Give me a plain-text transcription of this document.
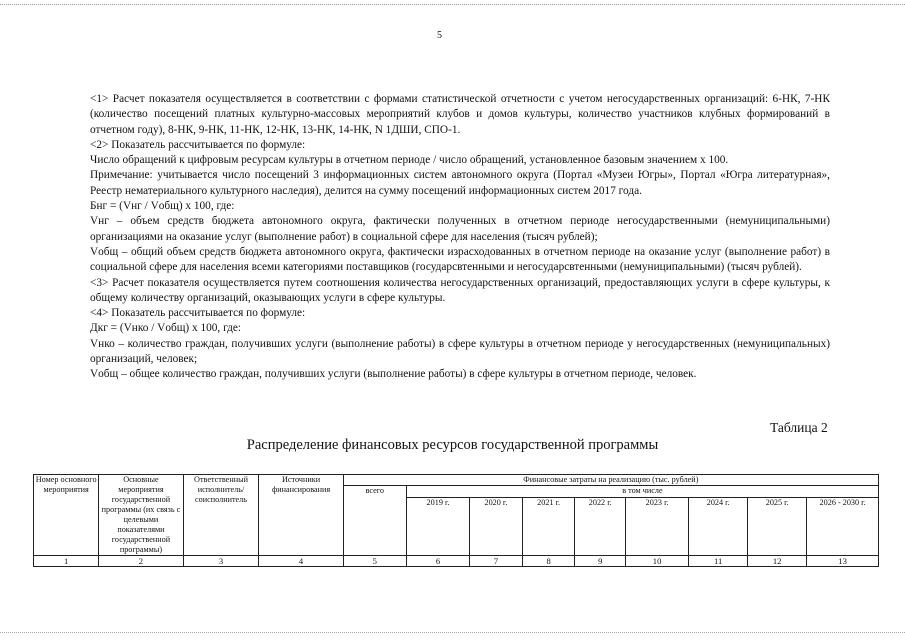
5

<1> Расчет показателя осуществляется в соответствии с формами статистической отчетности с учетом негосударственных организаций: 6-НК, 7-НК (количество посещений платных культурно-массовых мероприятий клубов и домов культуры, количество участников клубных формирований в отчетном году), 8-НК, 9-НК, 11-НК, 12-НК, 13-НК, 14-НК, N 1ДШИ, СПО-1.

<2> Показатель рассчитывается по формуле:

Число обращений к цифровым ресурсам культуры в отчетном периоде / число обращений, установленное базовым значением х 100.

Примечание: учитывается число посещений 3 информационных систем автономного округа (Портал «Музеи Югры», Портал «Югра литературная», Реестр нематериального культурного наследия), делится на сумму посещений информационных систем 2017 года.

Бнг = (Vнг / Vобщ) х 100, где:

Vнг – объем средств бюджета автономного округа, фактически полученных в отчетном периоде негосударственными (немуниципальными) организациями на оказание услуг (выполнение работ) в социальной сфере для населения (тысяч рублей);

Vобщ – общий объем средств бюджета автономного округа, фактически израсходованных в отчетном периоде на оказание услуг (выполнение работ) в социальной сфере для населения всеми категориями поставщиков (государсвтенными и негосударсвтенными (немуниципальными) (тысяч рублей).

<3> Расчет показателя осуществляется путем соотношения количества негосударственных организаций, предоставляющих услуги в сфере культуры, к общему количеству организаций, оказывающих услуги в сфере культуры.

<4> Показатель рассчитывается по формуле:

Дкг = (Vнко / Vобщ) х 100, где:

Vнко – количество граждан, получивших услуги (выполнение работы) в сфере культуры в отчетном периоде у негосударственных (немуниципальных) организаций, человек;

Vобщ – общее количество граждан, получивших услуги (выполнение работы) в сфере культуры в отчетном периоде, человек.

Таблица 2
Распределение финансовых ресурсов государственной программы
Номер основного мероприятия	Основные мероприятия государственной программы (их связь с целевыми показателями государственной программы)	Ответственный исполнитель/ соисполнитель	Источники финансирования	Финансовые затраты на реализацию (тыс. рублей)								
				всего	в том числе							
					2019 г.	2020 г.	2021 г.	2022 г.	2023 г.	2024 г.	2025 г.	2026 - 2030 г.
1	2	3	4	5	6	7	8	9	10	11	12	13
